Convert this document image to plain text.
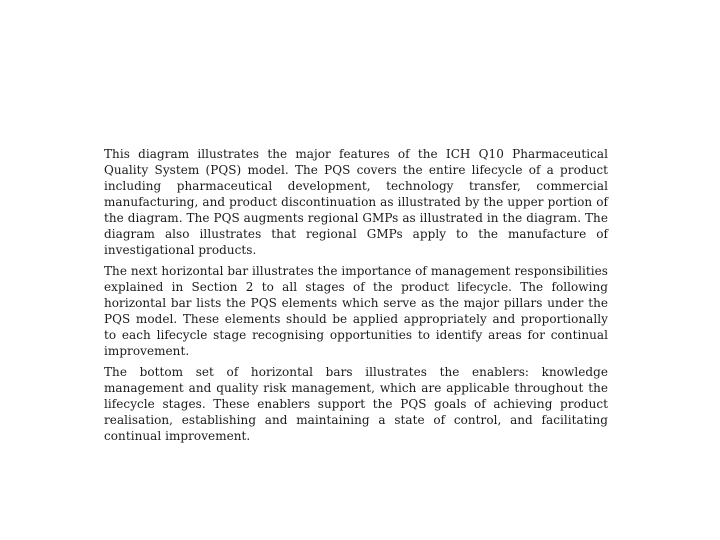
This diagram illustrates the major features of the ICH Q10 Pharmaceutical Quality System (PQS) model. The PQS covers the entire lifecycle of a product including pharmaceutical development, technology transfer, commercial manufacturing, and product discontinuation as illustrated by the upper portion of the diagram. The PQS augments regional GMPs as illustrated in the diagram. The diagram also illustrates that regional GMPs apply to the manufacture of investigational products.

The next horizontal bar illustrates the importance of management responsibilities explained in Section 2 to all stages of the product lifecycle. The following horizontal bar lists the PQS elements which serve as the major pillars under the PQS model. These elements should be applied appropriately and proportionally to each lifecycle stage recognising opportunities to identify areas for continual improvement.

The bottom set of horizontal bars illustrates the enablers: knowledge management and quality risk management, which are applicable throughout the lifecycle stages. These enablers support the PQS goals of achieving product realisation, establishing and maintaining a state of control, and facilitating continual improvement.
